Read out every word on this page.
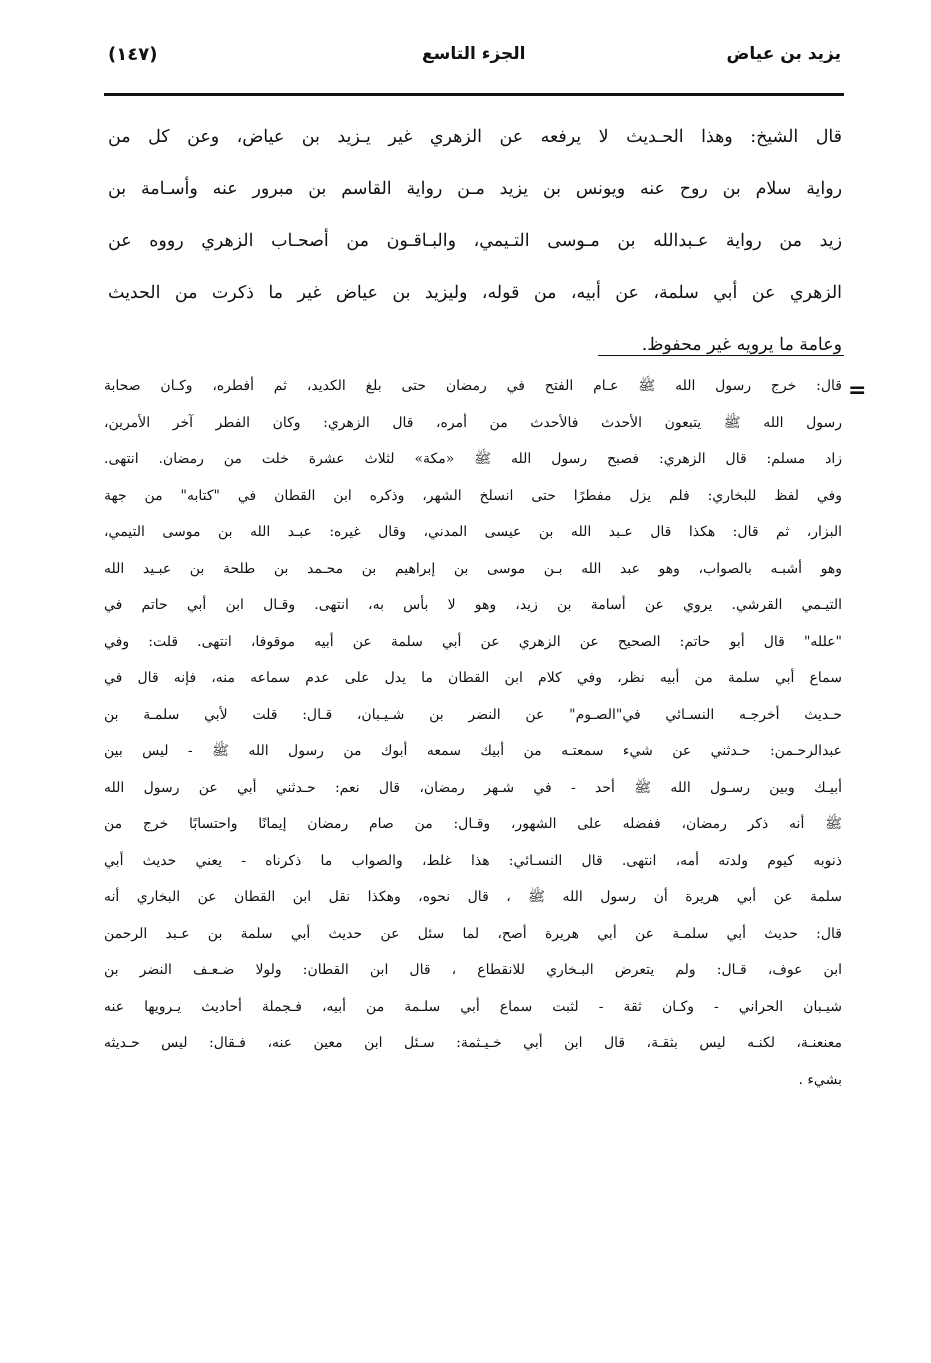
يزيد بن عياض
الجزء التاسع
(١٤٧)
قال الشيخ: وهذا الحـديث لا يرفعه عن الزهري غير يـزيد بن عياض، وعن كل من
رواية سلام بن روح عنه ويونس بن يزيد مـن رواية القاسم بن مبرور عنه وأسـامة بن
زيد من رواية عـبدالله بن مـوسى التـيمي، والبـاقـون من أصحـاب الزهري رووه عن
الزهري عن أبي سلمة، عن أبيه، من قوله، وليزيد بن عياض غير ما ذكرت من الحديث
وعامة ما يرويه غير محفوظ.
=
قال: خرج رسول الله ﷺ عـام الفتح في رمضان حتى بلغ الكديد، ثم أفطره، وكـان صحابة
رسول الله ﷺ يتبعون الأحدث فالأحدث من أمره، قال الزهري: وكان الفطر آخر الأمرين،
زاد مسلم: قال الزهري: فصبح رسول الله ﷺ «مكة» لثلاث عشرة خلت من رمضان. انتهى.
وفي لفظ للبخاري: فلم يزل مفطرًا حتى انسلخ الشهر، وذكره ابن القطان في "كتابه" من جهة
البزار، ثم قال: هكذا قال عـبد الله بن عيسى المدني، وقال غيره: عبـد الله بن موسى التيمي،
وهو أشبـه بالصواب، وهو عبد الله بـن موسى بن إبراهيم بن محـمد بن طلحة بن عبـيد الله
التيـمي القرشي. يروي عن أسامة بن زيد، وهو لا بأس به، انتهى. وقـال ابن أبي حاتم في
"علله" قال أبو حاتم: الصحيح عن الزهري عن أبي سلمة عن أبيه موقوفا، انتهى. قلت: وفي
سماع أبي سلمة من أبيه نظر، وفي كلام ابن القطان ما يدل على عدم سماعه منه، فإنه قال في
حـديث أخرجـه النسـائي في"الصـوم" عن النضر بن شـيـبان، قـال: قلت لأبي سلمـة بن
عبدالرحـمن: حـدثني عن شيء سمعتـه من أبيك سمعه أبوك من رسول الله ﷺ - ليس بين
أبيـك وبين رسـول الله ﷺ أحد - في شـهر رمضان، قال نعم: حـدثني أبي عن رسول الله
ﷺ أنه ذكر رمضان، ففضله على الشهور، وقـال: من صام رمضان إيمانًا واحتسابًا خرج من
ذنوبه كيوم ولدته أمه، انتهى. قال النسـائي: هذا غلط، والصواب ما ذكرناه - يعني حديث أبي
سلمة عن أبي هريرة أن رسول الله ﷺ ، قال نحوه، وهكذا نقل ابن القطان عن البخاري أنه
قال: حديث أبي سلمـة عن أبي هريرة أصح، لما سئل عن حديث أبي سلمة بن عـبد الرحمن
ابن عوف، قـال: ولم يتعرض البـخاري للانقطاع ، قال ابن القطان: ولولا ضـعـف النضر بن
شيـبان الحراني - وكـان ثقة - لثبت سماع أبي سلـمة من أبيه، فـجملة أحاديث يـرويها عنه
معنعنـة، لكنـه ليس بثقـة، قال ابن أبي خـيـثمة: سـئل ابن معين عنه، فـقال: ليس حـديثه
بشيء .
